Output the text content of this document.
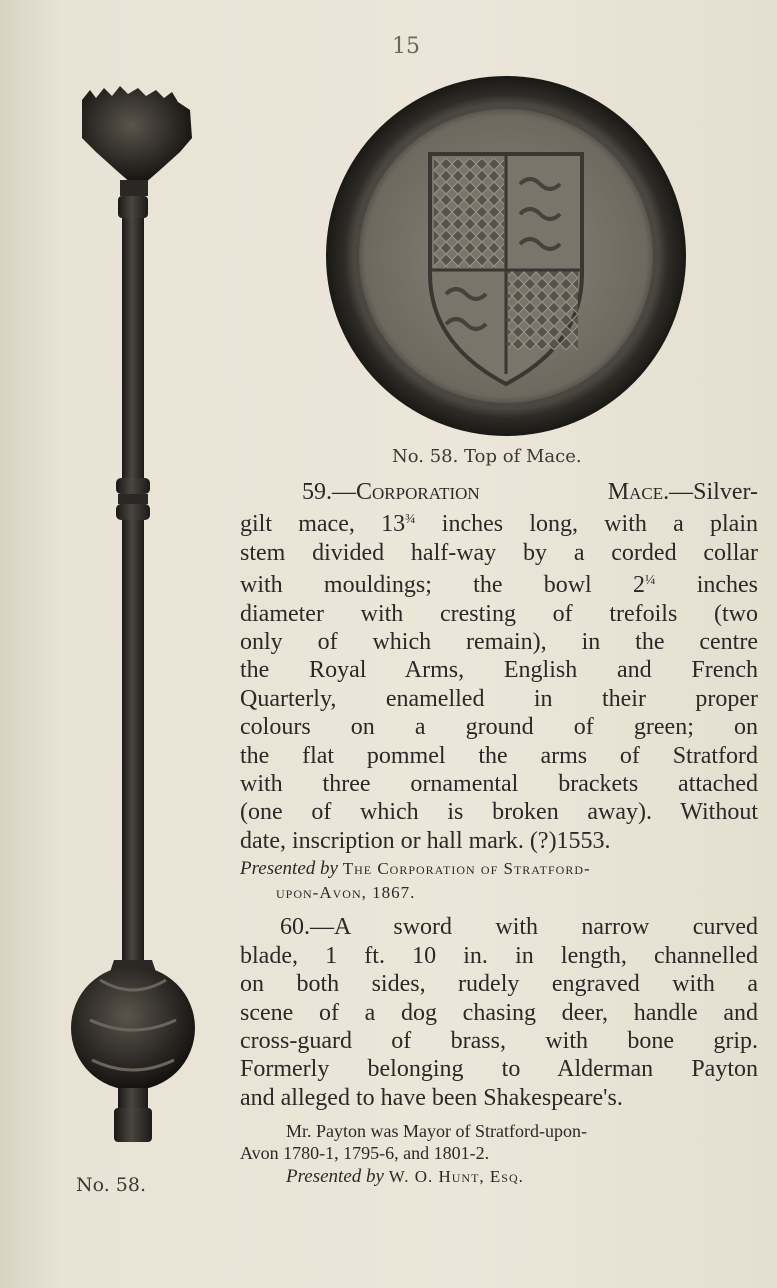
15
No. 58.
No. 58. Top of Mace.
59.—Corporation Mace.—Silver-
gilt mace, $13^{\frac{3}{4}}$ inches long, with a plain
stem divided half-way by a corded collar
with mouldings; the bowl $2^{\frac{1}{4}}$ inches
diameter with cresting of trefoils (two
only of which remain), in the centre
the Royal Arms, English and French
Quarterly, enamelled in their proper
colours on a ground of green; on
the flat pommel the arms of Stratford
with three ornamental brackets attached
(one of which is broken away). Without
date, inscription or hall mark. (?)1553.
Presented by The Corporation of Stratford-
upon-Avon, 1867.
60.—A sword with narrow curved
blade, 1 ft. 10 in. in length, channelled
on both sides, rudely engraved with a
scene of a dog chasing deer, handle and
cross-guard of brass, with bone grip.
Formerly belonging to Alderman Payton
and alleged to have been Shakespeare's.
Mr. Payton was Mayor of Stratford-upon-
Avon 1780-1, 1795-6, and 1801-2.
Presented by W. O. Hunt, Esq.
